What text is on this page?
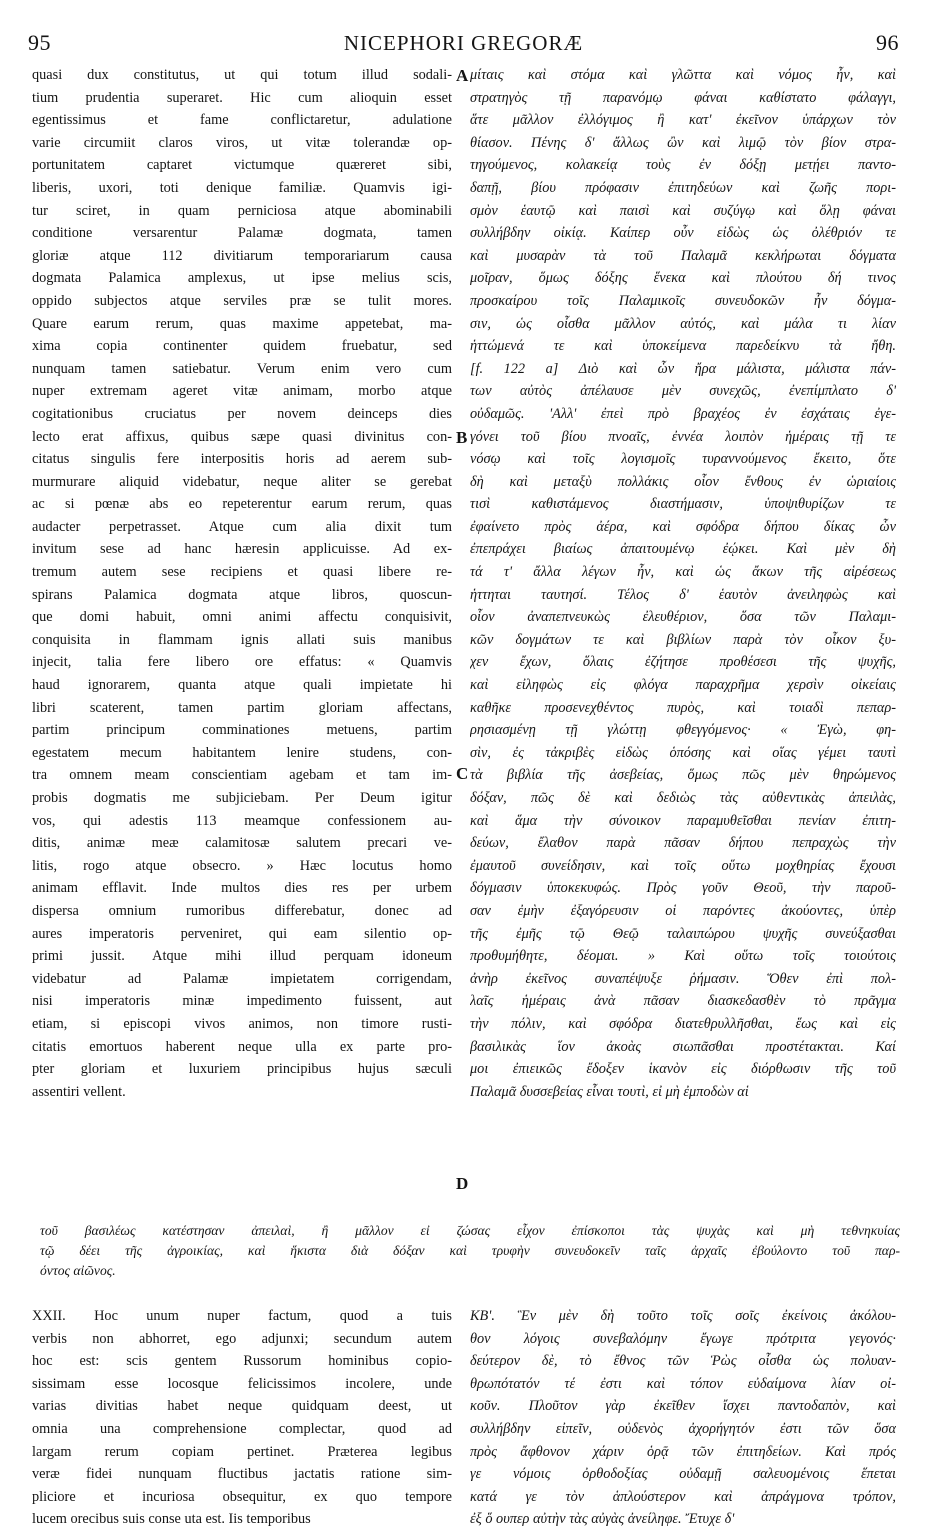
95	NICEPHORI GREGORÆ	96
A
B
C
D
quasi dux constitutus, ut qui totum illud sodali-
tium prudentia superaret. Hic cum alioquin esset
egentissimus et fame conflictaretur, adulatione
varie circumiit claros viros, ut vitæ tolerandæ op-
portunitatem captaret victumque quæreret sibi,
liberis, uxori, toti denique familiæ. Quamvis igi-
tur sciret, in quam perniciosa atque abominabili
conditione versarentur Palamæ dogmata, tamen
gloriæ atque 112 divitiarum temporariarum causa
dogmata Palamica amplexus, ut ipse melius scis,
oppido subjectos atque serviles præ se tulit mores.
Quare earum rerum, quas maxime appetebat, ma-
xima copia continenter quidem fruebatur, sed
nunquam tamen satiebatur. Verum enim vero cum
nuper extremam ageret vitæ animam, morbo atque
cogitationibus cruciatus per novem deinceps dies
lecto erat affixus, quibus sæpe quasi divinitus con-
citatus singulis fere interpositis horis ad aerem sub-
murmurare aliquid videbatur, neque aliter se gerebat
ac si pœnæ abs eo repeterentur earum rerum, quas
audacter perpetrasset. Atque cum alia dixit tum
invitum sese ad hanc hæresin applicuisse. Ad ex-
tremum autem sese recipiens et quasi libere re-
spirans Palamica dogmata atque libros, quoscun-
que domi habuit, omni animi affectu conquisivit,
conquisita in flammam ignis allati suis manibus
injecit, talia fere libero ore effatus: « Quamvis
haud ignorarem, quanta atque quali impietate hi
libri scaterent, tamen partim gloriam affectans,
partim principum comminationes metuens, partim
egestatem mecum habitantem lenire studens, con-
tra omnem meam conscientiam agebam et tam im-
probis dogmatis me subjiciebam. Per Deum igitur
vos, qui adestis 113 meamque confessionem au-
ditis, animæ meæ calamitosæ salutem precari ve-
litis, rogo atque obsecro. » Hæc locutus homo
animam efflavit. Inde multos dies res per urbem
dispersa omnium rumoribus differebatur, donec ad
aures imperatoris perveniret, qui eam silentio op-
primi jussit. Atque mihi illud perquam idoneum
videbatur ad Palamæ impietatem corrigendam,
nisi imperatoris minæ impedimento fuissent, aut
etiam, si episcopi vivos animos, non timore rusti-
citatis emortuos haberent neque ulla ex parte pro-
pter gloriam et luxuriem principibus hujus sæculi
assentiri vellent.
μίταις καὶ στόμα καὶ γλῶττα καὶ νόμος ἦν, καὶ
στρατηγὸς τῇ παρανόμῳ φάναι καθίστατο φάλαγγι,
ἅτε μᾶλλον ἐλλόγιμος ἢ κατ' ἐκεῖνον ὑπάρχων τὸν
θίασον. Πένης δ' ἄλλως ὢν καὶ λιμῷ τὸν βίον στρα-
τηγούμενος, κολακείᾳ τοὺς ἐν δόξῃ μετῄει παντο-
δαπῇ, βίου πρόφασιν ἐπιτηδεύων καὶ ζωῆς πορι-
σμὸν ἑαυτῷ καὶ παισὶ καὶ συζύγῳ καὶ ὅλῃ φάναι
συλλήβδην οἰκίᾳ. Καίπερ οὖν εἰδὼς ὡς ὀλέθριόν τε
καὶ μυσαρὰν τὰ τοῦ Παλαμᾶ κεκλήρωται δόγματα
μοῖραν, ὅμως δόξης ἕνεκα καὶ πλούτου δή τινος
προσκαίρου τοῖς Παλαμικοῖς συνευδοκῶν ἦν δόγμα-
σιν, ὡς οἶσθα μᾶλλον αὐτός, καὶ μάλα τι λίαν
ἡττώμενά τε καὶ ὑποκείμενα παρεδείκνυ τὰ ἤθη.
[f. 122 a] Διὸ καὶ ὧν ἤρα μάλιστα, μάλιστα πάν-
των αὐτὸς ἀπέλαυσε μὲν συνεχῶς, ἐνεπίμπλατο δ'
οὐδαμῶς. 'Αλλ' ἐπεὶ πρὸ βραχέος ἐν ἐσχάταις ἐγε-
γόνει τοῦ βίου πνοαῖς, ἐννέα λοιπὸν ἡμέραις τῇ τε
νόσῳ καὶ τοῖς λογισμοῖς τυραννούμενος ἔκειτο, ὅτε
δὴ καὶ μεταξὺ πολλάκις οἷον ἔνθους ἐν ὡριαίοις
τισὶ καθιστάμενος διαστήμασιν, ὑποψιθυρίζων τε
ἐφαίνετο πρὸς ἀέρα, καὶ σφόδρα δήπου δίκας ὧν
ἐπεπράχει βιαίως ἀπαιτουμένῳ ἐῴκει. Καὶ μὲν δὴ
τά τ' ἄλλα λέγων ἦν, καὶ ὡς ἄκων τῆς αἱρέσεως
ἡττηται ταυτησί. Τέλος δ' ἑαυτὸν ἀνειληφὼς καὶ
οἷον ἀναπεπνευκὼς ἐλευθέριον, ὅσα τῶν Παλαμι-
κῶν δογμάτων τε καὶ βιβλίων παρὰ τὸν οἶκον ξυ-
χεν ἔχων, ὅλαις ἐζήτησε προθέσεσι τῆς ψυχῆς,
καὶ εἰληφὼς εἰς φλόγα παραχρῆμα χερσὶν οἰκείαις
καθῆκε προσενεχθέντος πυρὸς, καὶ τοιαδὶ πεπαρ-
ρησιασμένῃ τῇ γλώττῃ φθεγγόμενος· « Ἐγὼ, φη-
σὶν, ἐς τἀκριβὲς εἰδὼς ὁπόσης καὶ οἵας γέμει ταυτὶ
τὰ βιβλία τῆς ἀσεβείας, ὅμως πῶς μὲν θηρώμενος
δόξαν, πῶς δὲ καὶ δεδιὼς τὰς αὐθεντικὰς ἀπειλὰς,
καὶ ἅμα τὴν σύνοικον παραμυθεῖσθαι πενίαν ἐπιτη-
δεύων, ἔλαθον παρὰ πᾶσαν δήπου πεπραχὼς τὴν
ἐμαυτοῦ συνείδησιν, καὶ τοῖς οὕτω μοχθηρίας ἔχουσι
δόγμασιν ὑποκεκυφώς. Πρὸς γοῦν Θεοῦ, τὴν παροῦ-
σαν ἐμὴν ἐξαγόρευσιν οἱ παρόντες ἀκούοντες, ὑπὲρ
τῆς ἐμῆς τῷ Θεῷ ταλαιπώρου ψυχῆς συνεύξασθαι
προθυμήθητε, δέομαι. » Καὶ οὕτω τοῖς τοιούτοις
ἀνὴρ ἐκεῖνος συναπέψυξε ῥήμασιν. Ὅθεν ἐπὶ πολ-
λαῖς ἡμέραις ἀνὰ πᾶσαν διασκεδασθὲν τὸ πρᾶγμα
τὴν πόλιν, καὶ σφόδρα διατεθρυλλῆσθαι, ἕως καὶ εἰς
βασιλικὰς ἵον ἀκοὰς σιωπᾶσθαι προστέτακται. Καί
μοι ἐπιεικῶς ἔδοξεν ἱκανὸν εἰς διόρθωσιν τῆς τοῦ
Παλαμᾶ δυσσεβείας εἶναι τουτὶ, εἰ μὴ ἐμποδὼν αἱ
τοῦ βασιλέως κατέστησαν ἀπειλαὶ, ἢ μᾶλλον εἰ ζώσας εἶχον ἐπίσκοποι τὰς ψυχὰς καὶ μὴ τεθνηκυίας
τῷ δέει τῆς ἀγροικίας, καὶ ἥκιστα διὰ δόξαν καὶ τρυφὴν συνευδοκεῖν ταῖς ἀρχαῖς ἐβούλοντο τοῦ παρ-
όντος αἰῶνος.
XXII. Hoc unum nuper factum, quod a tuis
verbis non abhorret, ego adjunxi; secundum autem
hoc est: scis gentem Russorum hominibus copio-
sissimam esse locosque felicissimos incolere, unde
varias divitias habet neque quidquam deest, ut
omnia una comprehensione complectar, quod ad
largam rerum copiam pertinet. Præterea legibus
veræ fidei nunquam fluctibus jactatis ratione sim-
pliciore et incuriosa obsequitur, ex quo tempore
lucem orecibus suis conse uta est. Iis temporibus
ΚΒ'. Ἓν μὲν δὴ τοῦτο τοῖς σοῖς ἐκείνοις ἀκόλου-
θον λόγοις συνεβαλόμην ἔγωγε πρότριτα γεγονός·
δεύτερον δὲ, τὸ ἔθνος τῶν Ῥὼς οἶσθα ὡς πολυαν-
θρωπότατόν τέ ἐστι καὶ τόπον εὐδαίμονα λίαν οἰ-
κοῦν. Πλοῦτον γὰρ ἐκεῖθεν ἴσχει παντοδαπὸν, καὶ
συλλήβδην εἰπεῖν, οὐδενὸς ἀχορήγητόν ἐστι τῶν ὅσα
πρὸς ἄφθονον χάριν ὁρᾷ τῶν ἐπιτηδείων. Καὶ πρός
γε νόμοις ὀρθοδοξίας οὐδαμῇ σαλευομένοις ἕπεται
κατά γε τὸν ἁπλούστερον καὶ ἀπράγμονα τρόπον,
ἐξ ὅ ουπερ αὐτὴν τὰς αὐγὰς ἀνείληφε. Ἔτυχε δ'
